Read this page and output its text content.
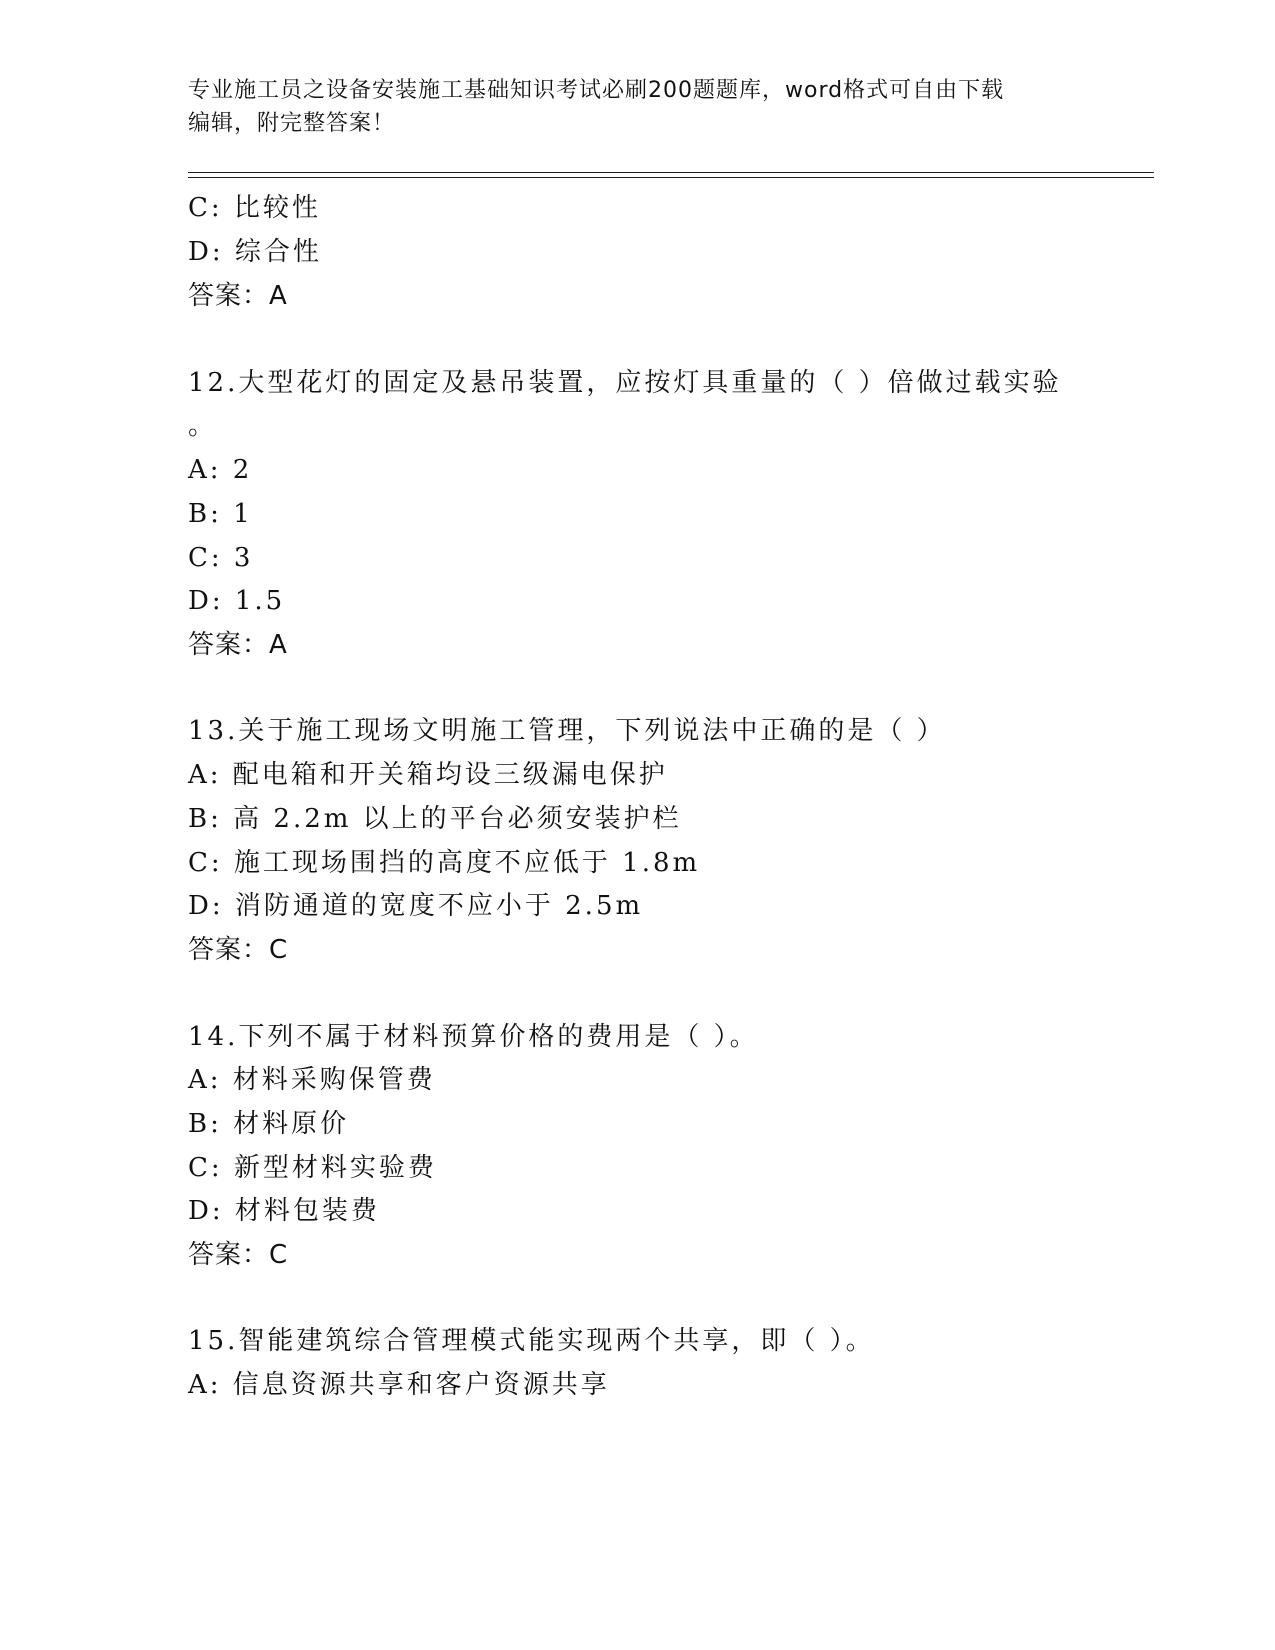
专业施工员之设备安装施工基础知识考试必刷200题题库，word格式可自由下载
编辑，附完整答案！
C: 比较性
D: 综合性
答案：A
12.大型花灯的固定及悬吊装置，应按灯具重量的（ ）倍做过载实验
。
A: 2
B: 1
C: 3
D: 1.5
答案：A
13.关于施工现场文明施工管理，下列说法中正确的是（ ）
A: 配电箱和开关箱均设三级漏电保护
B: 高 2.2m 以上的平台必须安装护栏
C: 施工现场围挡的高度不应低于 1.8m
D: 消防通道的宽度不应小于 2.5m
答案：C
14.下列不属于材料预算价格的费用是（ ）。
A: 材料采购保管费
B: 材料原价
C: 新型材料实验费
D: 材料包装费
答案：C
15.智能建筑综合管理模式能实现两个共享，即（ ）。
A: 信息资源共享和客户资源共享
